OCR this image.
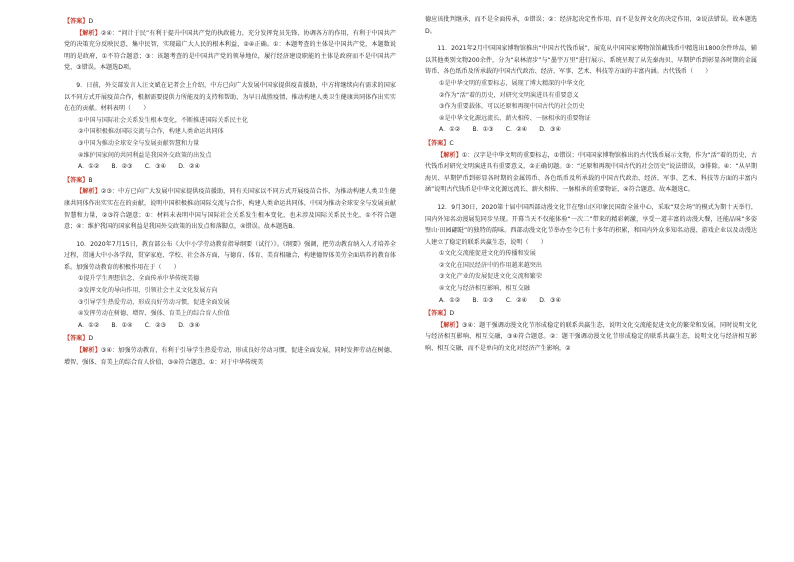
【答案】D

【解析】②④：“问计于民”有利于提升中国共产党的执政能力，充分发挥党员先锋、协调各方的作用，有利于中国共产党的决策充分反映民意，集中民智，实现最广大人民的根本利益，②④正确。①：本题考查的主体是中国共产党，本题数说明的是政府，①不符合题意；③：该题考查的是中国共产党的领导地位，履行经济建设职能的主体是政府而不是中国共产党，③错误。本题选D项。

9．日前，外交部发言人汪文斌在记者会上介绍，中方已向广大发展中国家提供疫苗援助，中方将继续向有需求的国家以不同方式开展疫苗合作，根据需要提供力所能及的支持和帮助，为早日战胜疫情、推动构建人类卫生健康共同体作出实实在在的贡献。材料表明（　　）

①中国与国际社会关系发生根本变化，不断推进国际关系民主化

②中国积极推动国际交流与合作，构建人类命运共同体

③中国为推动全球安全与发展贡献智慧和力量

④维护国家间的共同利益是我国外交政策的出发点

A．①②　　B．②③　　C．③④　　D．②④

【答案】B

【解析】②③：中方已向广大发展中国家提供疫苗援助，同有关国家以不同方式开展疫苗合作，为推动构建人类卫生健康共同体作出实实在在的贡献，说明中国积极推动国际交流与合作，构建人类命运共同体，中国为推动全球安全与发展贡献智慧和力量，②③符合题意；①：材料未表明中国与国际社会关系发生根本变化，也未涉及国际关系民主化，①不符合题意；④：维护我国的国家利益是我国外交政策的出发点和落脚点，④错误。故本题选B。

10．2020年7月15日，教育部公布《大中小学劳动教育指导纲要（试行）》。《纲要》强调，把劳动教育纳入人才培养全过程，贯通大中小各学段，贯穿家庭、学校、社会各方面，与德育、体育、美育相融合，构建德智体美劳全面培养的教育体系。加强劳动教育的积极作用在于（　　）

①提升学生理想信念，全面传承中华传统美德

②发挥文化的导向作用，引领社会主义文化发展方向

③引导学生热爱劳动，形成良好劳动习惯，促进全面发展

④发挥劳动在树德、增智、强体、育美上的综合育人价值

A．①②　　B．①④　　C．②③　　D．③④

【答案】D

【解析】③④：加强劳动教育，有利于引导学生热爱劳动，形成良好劳动习惯，促进全面发展，同时发挥劳动在树德、增智、强体、育美上的综合育人价值，③④符合题意。①：对于中华传统美

德应该批判继承，而不是全面传承，①错误；②：经济起决定性作用，而不是发挥文化的决定作用，②说法错误。故本题选D。

11．2021年2月中国国家博物馆推出“中国古代钱币展”，展览从中国国家博物馆馆藏钱币中精选出1800余件珍品，辅以其他类别文物200余件，分为“泉林清步”与“墨宇万里”进行展示，系统呈现了从先秦海贝、早期铲币到彰显各时期的金属铸币、各色纸币及所承载的中国古代政治、经济、军事、艺术、科技等方面的丰富内涵。古代钱币（　　）

①是中华文明的重要标志，展现了博大精深的中华文化

②作为“活”着的历史，对研究文明演进具有重要意义

③作为重要载体，可以还原和再现中国古代的社会历史

④是中华文化源远流长、薪火相传、一脉相承的重要物证

A．①②　　B．①③　　C．②④　　D．③④

【答案】C

【解析】①：汉字是中华文明的重要标志，①错误；中国国家博物馆推出的古代钱币展示文物，作为“活”着的历史，古代钱币对研究文明演进具有重要意义，②正确切题。③：“还原和再现中国古代的社会历史”说法错误，③排除。④：“从早期海贝、早期铲币到彰显各时期的金属铸币、各色纸币及所承载的中国古代政治、经济、军事、艺术、科技等方面的丰富内涵”说明古代钱币是中华文化源远流长、薪火相传、一脉相承的重要物证，④符合题意。故本题选C。

12．9月30日，2020第十届中国西部动漫文化节在璧山区印象民国街全景中心，采取“双会场”的模式为期十天举行，国内外知名动漫展览同步呈现。开幕当天不仅能体验“一次二”带来的精彩刺激，享受一道丰富的动漫大餐，还能品味“多姿璧山·田园翩跹”的独特的韵味。西部动漫文化节举办至今已有十多年的积累，和国内外众多知名动漫、游戏企业以及动漫达人建立了稳定的联系共赢生态，说明（　　）

①文化交流能促进文化的传播和发展

②文化在国民经济中的作用越来越突出

③文化产业的发展促进文化交流和繁荣

④文化与经济相互影响、相互交融

A．①②　　B．①③　　C．②④　　D．③④

【答案】D

【解析】③④：题干强调动漫文化节形成稳定的联系共赢生态，说明文化交流能促进文化的繁荣和发展，同时说明文化与经济相互影响、相互交融，③④符合题意。②：题干强调动漫文化节形成稳定的联系共赢生态，说明文化与经济相互影响、相互交融，而不是单向的文化对经济产生影响，②
